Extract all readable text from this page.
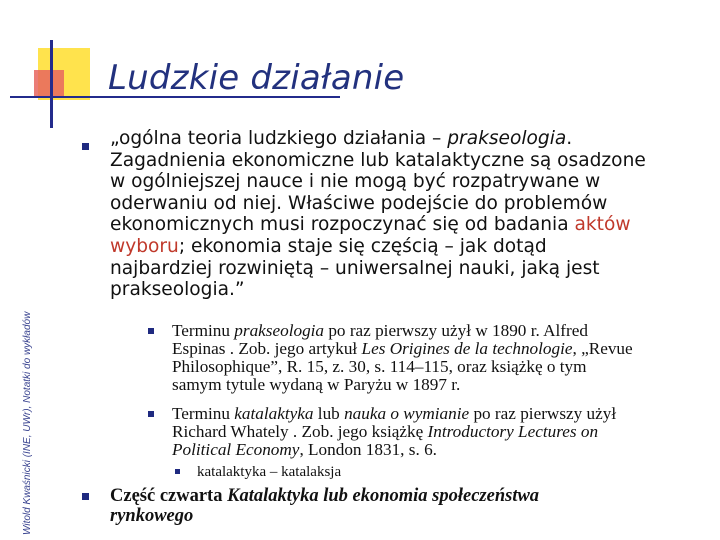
Ludzkie działanie
Witold Kwaśnicki (INE, UWr), Notatki do wykładów
„ogólna teoria ludzkiego działania – prakseologia.
Zagadnienia ekonomiczne lub katalaktyczne są osadzone
w ogólniejszej nauce i nie mogą być rozpatrywane w
oderwaniu od niej. Właściwe podejście do problemów
ekonomicznych musi rozpoczynać się od badania aktów
wyboru; ekonomia staje się częścią – jak dotąd
najbardziej rozwiniętą – uniwersalnej nauki, jaką jest
prakseologia.”
Terminu prakseologia po raz pierwszy użył w 1890 r. Alfred
Espinas . Zob. jego artykuł Les Origines de la technologie, „Revue
Philosophique”, R. 15, z. 30, s. 114–115, oraz książkę o tym
samym tytule wydaną w Paryżu w 1897 r.
Terminu katalaktyka lub nauka o wymianie po raz pierwszy użył
Richard Whately . Zob. jego książkę Introductory Lectures on
Political Economy, London 1831, s. 6.
katalaktyka – katalaksja
Część czwarta Katalaktyka lub ekonomia społeczeństwa
rynkowego
